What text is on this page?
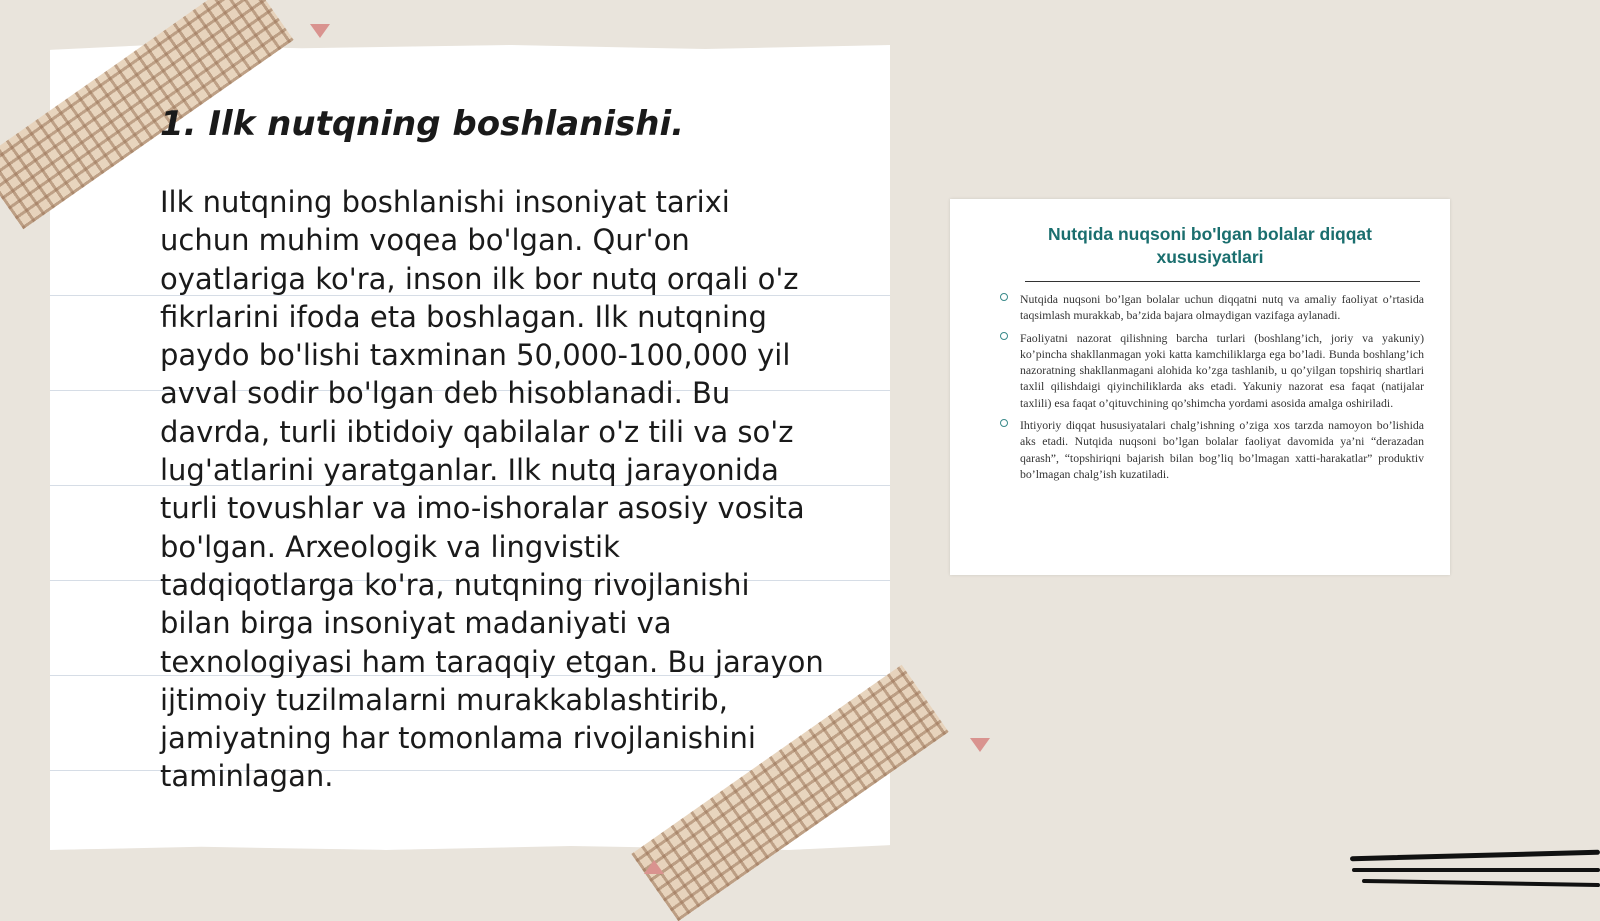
1. Ilk nutqning boshlanishi.
Ilk nutqning boshlanishi insoniyat tarixi
uchun muhim voqea bo'lgan. Qur'on
oyatlariga ko'ra, inson ilk bor nutq orqali o'z
fikrlarini ifoda eta boshlagan. Ilk nutqning
paydo bo'lishi taxminan 50,000-100,000 yil
avval sodir bo'lgan deb hisoblanadi. Bu
davrda, turli ibtidoiy qabilalar o'z tili va so'z
lug'atlarini yaratganlar. Ilk nutq jarayonida
turli tovushlar va imo-ishoralar asosiy vosita
bo'lgan. Arxeologik va lingvistik
tadqiqotlarga ko'ra, nutqning rivojlanishi
bilan birga insoniyat madaniyati va
texnologiyasi ham taraqqiy etgan. Bu jarayon
ijtimoiy tuzilmalarni murakkablashtirib,
jamiyatning har tomonlama rivojlanishini
taminlagan.
Nutqida nuqsoni bo'lgan bolalar diqqat xususiyatlari
Nutqida nuqsoni bo’lgan bolalar uchun diqqatni nutq va amaliy faoliyat o’rtasida taqsimlash murakkab, ba’zida bajara olmaydigan vazifaga aylanadi.
Faoliyatni nazorat qilishning barcha turlari (boshlang’ich, joriy va yakuniy) ko’pincha shakllanmagan yoki katta kamchiliklarga ega bo’ladi. Bunda boshlang’ich nazoratning shakllanmagani alohida ko’zga tashlanib, u qo’yilgan topshiriq shartlari taxlil qilishdaigi qiyinchiliklarda aks etadi. Yakuniy nazorat esa faqat (natijalar taxlili) esa faqat o’qituvchining qo’shimcha yordami asosida amalga oshiriladi.
Ihtiyoriy diqqat hususiyatalari chalg’ishning o’ziga xos tarzda namoyon bo’lishida aks etadi. Nutqida nuqsoni bo’lgan bolalar faoliyat davomida ya’ni “derazadan qarash”, “topshiriqni bajarish bilan bog’liq bo’lmagan xatti-harakatlar” produktiv bo’lmagan chalg’ish kuzatiladi.
